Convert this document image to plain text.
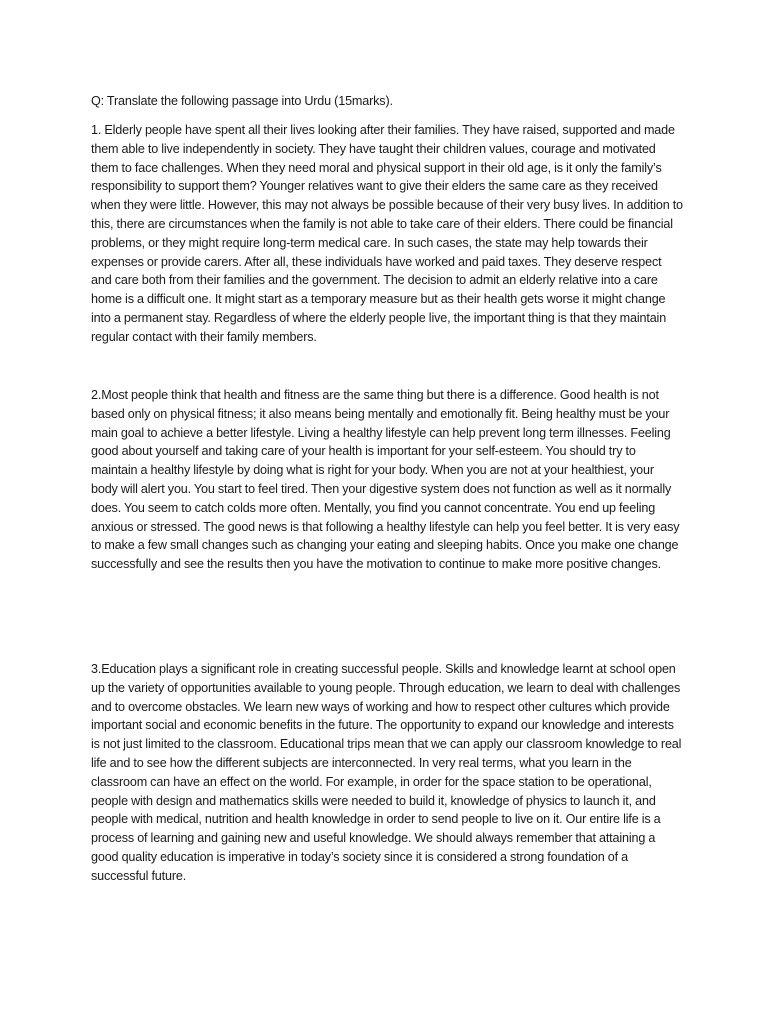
Q: Translate the following passage into Urdu (15marks).
1. Elderly people have spent all their lives looking after their families. They have raised, supported and made them able to live independently in society. They have taught their children values, courage and motivated them to face challenges. When they need moral and physical support in their old age, is it only the family’s responsibility to support them? Younger relatives want to give their elders the same care as they received when they were little. However, this may not always be possible because of their very busy lives. In addition to this, there are circumstances when the family is not able to take care of their elders. There could be financial problems, or they might require long-term medical care. In such cases, the state may help towards their expenses or provide carers. After all, these individuals have worked and paid taxes. They deserve respect and care both from their families and the government. The decision to admit an elderly relative into a care home is a difficult one. It might start as a temporary measure but as their health gets worse it might change into a permanent stay. Regardless of where the elderly people live, the important thing is that they maintain regular contact with their family members.
2.Most people think that health and fitness are the same thing but there is a difference. Good health is not based only on physical fitness; it also means being mentally and emotionally fit. Being healthy must be your main goal to achieve a better lifestyle. Living a healthy lifestyle can help prevent long term illnesses. Feeling good about yourself and taking care of your health is important for your self-esteem. You should try to maintain a healthy lifestyle by doing what is right for your body. When you are not at your healthiest, your body will alert you. You start to feel tired. Then your digestive system does not function as well as it normally does. You seem to catch colds more often. Mentally, you find you cannot concentrate. You end up feeling anxious or stressed. The good news is that following a healthy lifestyle can help you feel better. It is very easy to make a few small changes such as changing your eating and sleeping habits. Once you make one change successfully and see the results then you have the motivation to continue to make more positive changes.
3.Education plays a significant role in creating successful people. Skills and knowledge learnt at school open up the variety of opportunities available to young people. Through education, we learn to deal with challenges and to overcome obstacles. We learn new ways of working and how to respect other cultures which provide important social and economic benefits in the future. The opportunity to expand our knowledge and interests is not just limited to the classroom. Educational trips mean that we can apply our classroom knowledge to real life and to see how the different subjects are interconnected. In very real terms, what you learn in the classroom can have an effect on the world. For example, in order for the space station to be operational, people with design and mathematics skills were needed to build it, knowledge of physics to launch it, and people with medical, nutrition and health knowledge in order to send people to live on it. Our entire life is a process of learning and gaining new and useful knowledge. We should always remember that attaining a good quality education is imperative in today’s society since it is considered a strong foundation of a successful future.
